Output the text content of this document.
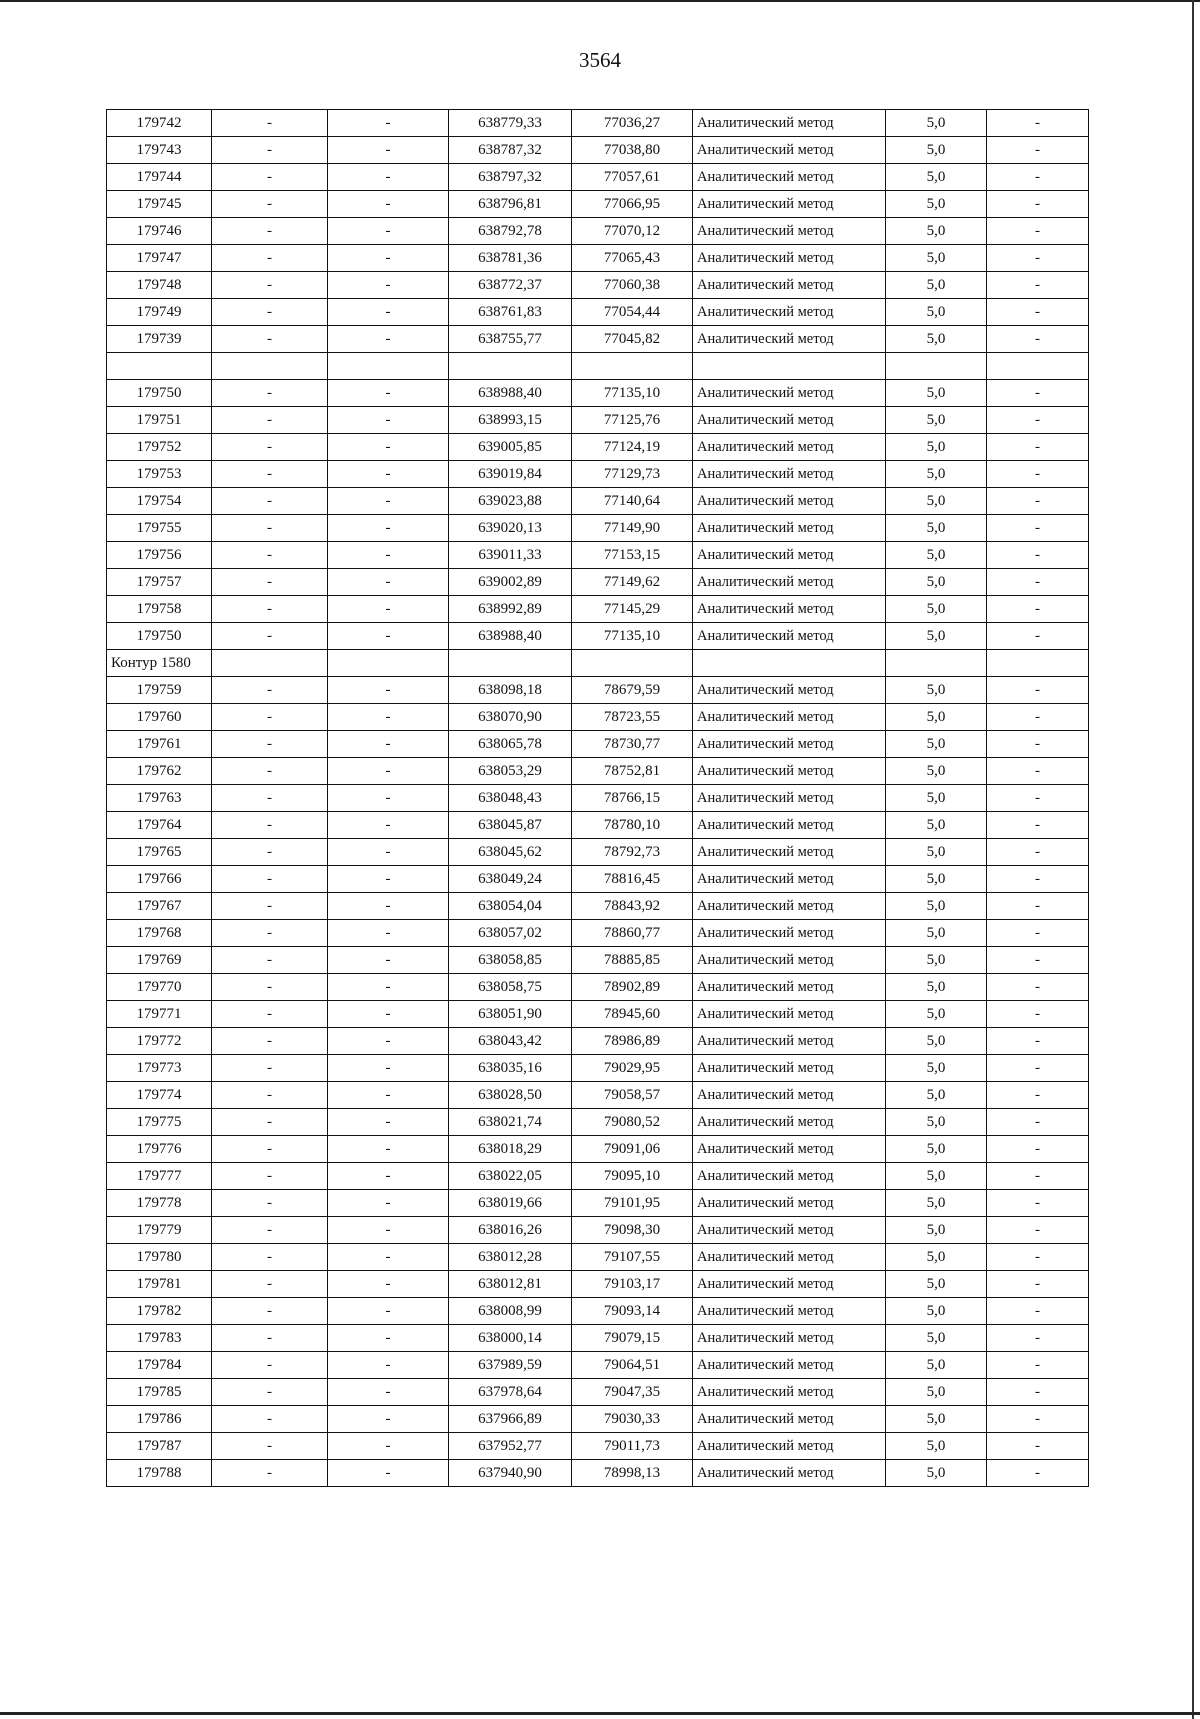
3564
179742	-	-	638779,33	77036,27	Аналитический метод	5,0	-
179743	-	-	638787,32	77038,80	Аналитический метод	5,0	-
179744	-	-	638797,32	77057,61	Аналитический метод	5,0	-
179745	-	-	638796,81	77066,95	Аналитический метод	5,0	-
179746	-	-	638792,78	77070,12	Аналитический метод	5,0	-
179747	-	-	638781,36	77065,43	Аналитический метод	5,0	-
179748	-	-	638772,37	77060,38	Аналитический метод	5,0	-
179749	-	-	638761,83	77054,44	Аналитический метод	5,0	-
179739	-	-	638755,77	77045,82	Аналитический метод	5,0	-

179750	-	-	638988,40	77135,10	Аналитический метод	5,0	-
179751	-	-	638993,15	77125,76	Аналитический метод	5,0	-
179752	-	-	639005,85	77124,19	Аналитический метод	5,0	-
179753	-	-	639019,84	77129,73	Аналитический метод	5,0	-
179754	-	-	639023,88	77140,64	Аналитический метод	5,0	-
179755	-	-	639020,13	77149,90	Аналитический метод	5,0	-
179756	-	-	639011,33	77153,15	Аналитический метод	5,0	-
179757	-	-	639002,89	77149,62	Аналитический метод	5,0	-
179758	-	-	638992,89	77145,29	Аналитический метод	5,0	-
179750	-	-	638988,40	77135,10	Аналитический метод	5,0	-
Контур 1580							
179759	-	-	638098,18	78679,59	Аналитический метод	5,0	-
179760	-	-	638070,90	78723,55	Аналитический метод	5,0	-
179761	-	-	638065,78	78730,77	Аналитический метод	5,0	-
179762	-	-	638053,29	78752,81	Аналитический метод	5,0	-
179763	-	-	638048,43	78766,15	Аналитический метод	5,0	-
179764	-	-	638045,87	78780,10	Аналитический метод	5,0	-
179765	-	-	638045,62	78792,73	Аналитический метод	5,0	-
179766	-	-	638049,24	78816,45	Аналитический метод	5,0	-
179767	-	-	638054,04	78843,92	Аналитический метод	5,0	-
179768	-	-	638057,02	78860,77	Аналитический метод	5,0	-
179769	-	-	638058,85	78885,85	Аналитический метод	5,0	-
179770	-	-	638058,75	78902,89	Аналитический метод	5,0	-
179771	-	-	638051,90	78945,60	Аналитический метод	5,0	-
179772	-	-	638043,42	78986,89	Аналитический метод	5,0	-
179773	-	-	638035,16	79029,95	Аналитический метод	5,0	-
179774	-	-	638028,50	79058,57	Аналитический метод	5,0	-
179775	-	-	638021,74	79080,52	Аналитический метод	5,0	-
179776	-	-	638018,29	79091,06	Аналитический метод	5,0	-
179777	-	-	638022,05	79095,10	Аналитический метод	5,0	-
179778	-	-	638019,66	79101,95	Аналитический метод	5,0	-
179779	-	-	638016,26	79098,30	Аналитический метод	5,0	-
179780	-	-	638012,28	79107,55	Аналитический метод	5,0	-
179781	-	-	638012,81	79103,17	Аналитический метод	5,0	-
179782	-	-	638008,99	79093,14	Аналитический метод	5,0	-
179783	-	-	638000,14	79079,15	Аналитический метод	5,0	-
179784	-	-	637989,59	79064,51	Аналитический метод	5,0	-
179785	-	-	637978,64	79047,35	Аналитический метод	5,0	-
179786	-	-	637966,89	79030,33	Аналитический метод	5,0	-
179787	-	-	637952,77	79011,73	Аналитический метод	5,0	-
179788	-	-	637940,90	78998,13	Аналитический метод	5,0	-
